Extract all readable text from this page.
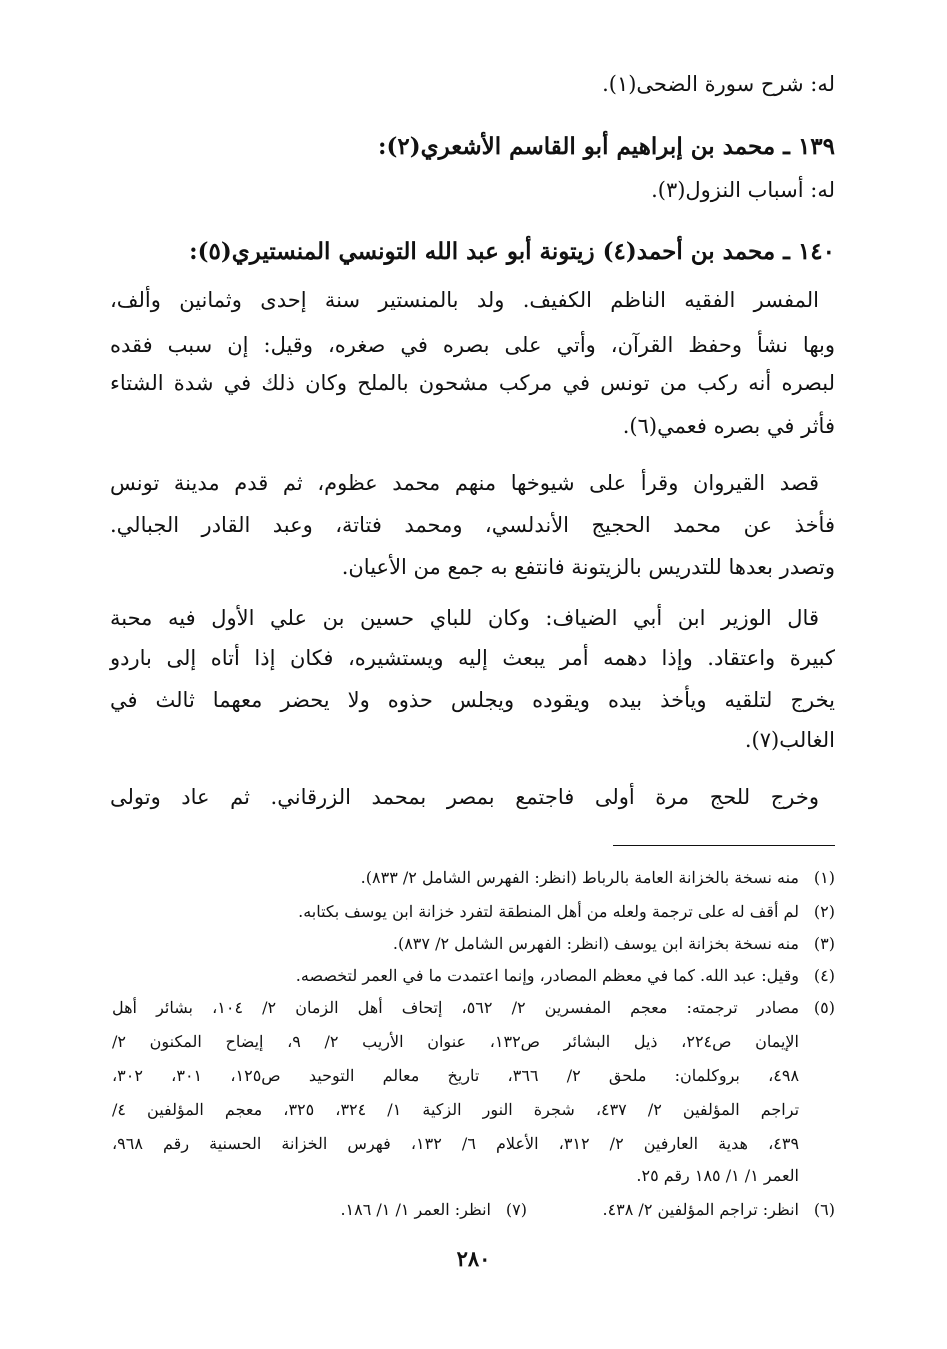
له: شرح سورة الضحى(١).
١٣٩ ـ محمد بن إبراهيم أبو القاسم الأشعري(٢):
له: أسباب النزول(٣).
١٤٠ ـ محمد بن أحمد(٤) زيتونة أبو عبد الله التونسي المنستيري(٥):
المفسر الفقيه الناظم الكفيف. ولد بالمنستير سنة إحدى وثمانين وألف،
وبها نشأ وحفظ القرآن، وأتي على بصره في صغره، وقيل: إن سبب فقده
لبصره أنه ركب من تونس في مركب مشحون بالملح وكان ذلك في شدة الشتاء
فأثر في بصره فعمي(٦).
قصد القيروان وقرأ على شيوخها منهم محمد عظوم، ثم قدم مدينة تونس
فأخذ عن محمد الحجيج الأندلسي، ومحمد فتاتة، وعبد القادر الجبالي.
وتصدر بعدها للتدريس بالزيتونة فانتفع به جمع من الأعيان.
قال الوزير ابن أبي الضياف: وكان للباي حسين بن علي الأول فيه محبة
كبيرة واعتقاد. وإذا دهمه أمر يبعث إليه ويستشيره، فكان إذا أتاه إلى باردو
يخرج لتلقيه ويأخذ بيده ويقوده ويجلس حذوه ولا يحضر معهما ثالث في
الغالب(٧).
وخرج للحج مرة أولى فاجتمع بمصر بمحمد الزرقاني. ثم عاد وتولى
(١)منه نسخة بالخزانة العامة بالرباط (انظر: الفهرس الشامل ٢/ ٨٣٣).
(٢)لم أقف له على ترجمة ولعله من أهل المنطقة لتفرد خزانة ابن يوسف بكتابه.
(٣)منه نسخة بخزانة ابن يوسف (انظر: الفهرس الشامل ٢/ ٨٣٧).
(٤)وقيل: عبد الله. كما في معظم المصادر، وإنما اعتمدت ما في العمر لتخصصه.
(٥)
مصادر ترجمته: معجم المفسرين ٢/ ٥٦٢، إتحاف أهل الزمان ٢/ ١٠٤، بشائر أهل
الإيمان ص٢٢٤، ذيل البشائر ص١٣٢، عنوان الأريب ٢/ ٩، إيضاح المكنون ٢/
٤٩٨، بروكلمان: ملحق ٢/ ٣٦٦، تاريخ معالم التوحيد ص١٢٥، ٣٠١، ٣٠٢،
تراجم المؤلفين ٢/ ٤٣٧، شجرة النور الزكية ١/ ٣٢٤، ٣٢٥، معجم المؤلفين ٤/
٤٣٩، هدية العارفين ٢/ ٣١٢، الأعلام ٦/ ١٣٢، فهرس الخزانة الحسنية رقم ٩٦٨،
العمر ١/ ١/ ١٨٥ رقم ٢٥.
(٦)انظر: تراجم المؤلفين ٢/ ٤٣٨.
(٧)انظر: العمر ١/ ١/ ١٨٦.
٢٨٠
